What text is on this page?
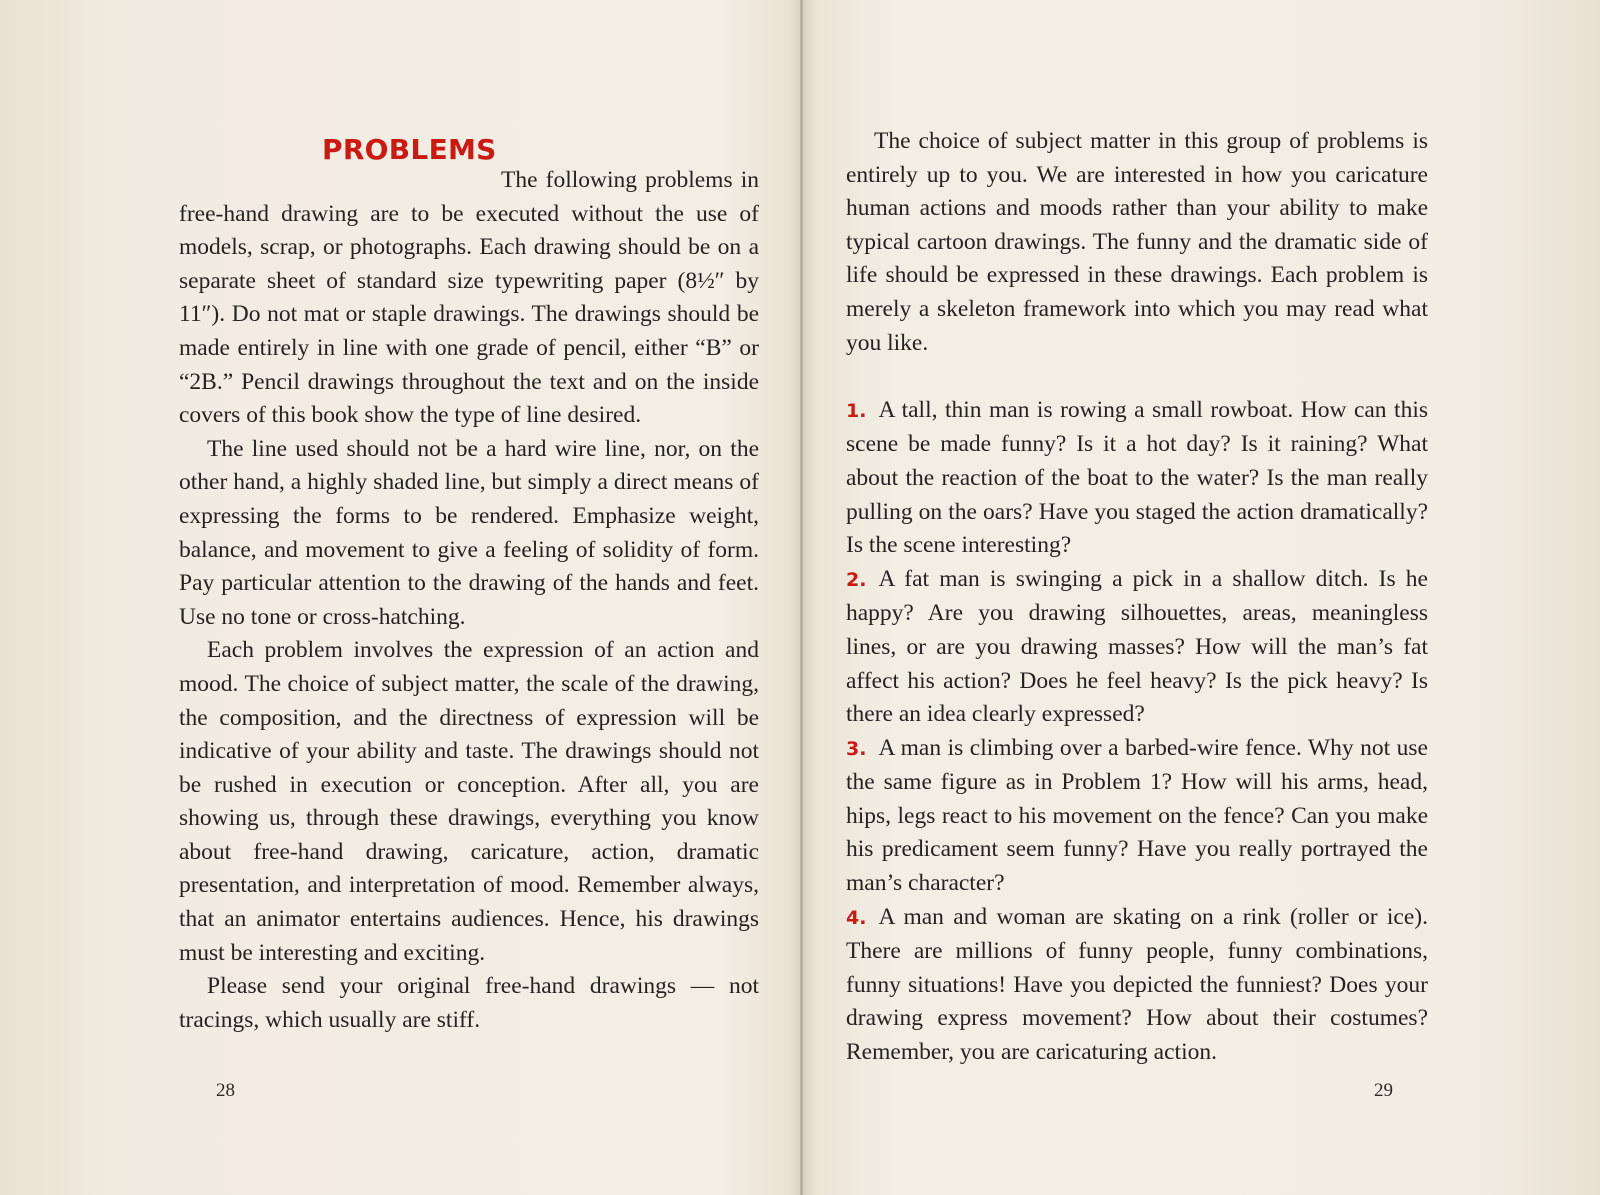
PROBLEMS

The following problems in free-hand drawing are to be executed without the use of models, scrap, or photographs. Each drawing should be on a separate sheet of standard size typewriting paper (8½″ by 11″). Do not mat or staple drawings. The drawings should be made entirely in line with one grade of pencil, either “B” or “2B.” Pencil drawings throughout the text and on the inside covers of this book show the type of line desired.

The line used should not be a hard wire line, nor, on the other hand, a highly shaded line, but simply a direct means of expressing the forms to be rendered. Emphasize weight, balance, and movement to give a feeling of solidity of form. Pay particular attention to the drawing of the hands and feet. Use no tone or cross-hatching.

Each problem involves the expression of an action and mood. The choice of subject matter, the scale of the drawing, the composition, and the directness of expression will be indicative of your ability and taste. The drawings should not be rushed in execution or conception. After all, you are showing us, through these drawings, everything you know about free-hand drawing, caricature, action, dramatic presentation, and interpretation of mood. Remember always, that an animator entertains audiences. Hence, his drawings must be interesting and exciting.

Please send your original free-hand drawings — not tracings, which usually are stiff.

28

The choice of subject matter in this group of problems is entirely up to you. We are interested in how you caricature human actions and moods rather than your ability to make typical cartoon drawings. The funny and the dramatic side of life should be expressed in these drawings. Each problem is merely a skeleton framework into which you may read what you like.

1. A tall, thin man is rowing a small rowboat. How can this scene be made funny? Is it a hot day? Is it raining? What about the reaction of the boat to the water? Is the man really pulling on the oars? Have you staged the action dramatically? Is the scene interesting?

2. A fat man is swinging a pick in a shallow ditch. Is he happy? Are you drawing silhouettes, areas, meaningless lines, or are you drawing masses? How will the man’s fat affect his action? Does he feel heavy? Is the pick heavy? Is there an idea clearly expressed?

3. A man is climbing over a barbed-wire fence. Why not use the same figure as in Problem 1? How will his arms, head, hips, legs react to his movement on the fence? Can you make his predicament seem funny? Have you really portrayed the man’s character?

4. A man and woman are skating on a rink (roller or ice). There are millions of funny people, funny combinations, funny situations! Have you depicted the funniest? Does your drawing express movement? How about their costumes? Remember, you are caricaturing action.

29
